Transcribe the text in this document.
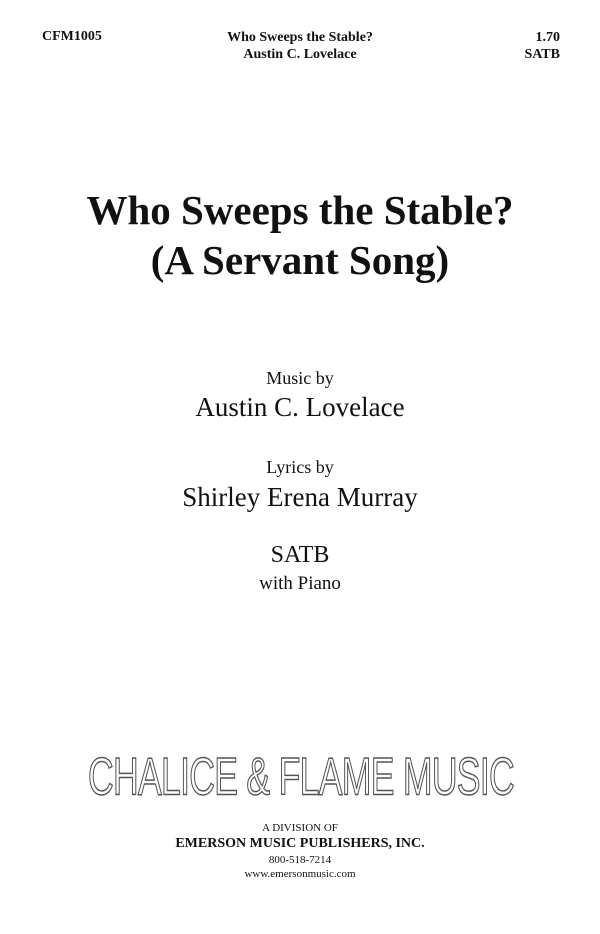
CFM1005	Who Sweeps the Stable?
Austin C. Lovelace
1.70
SATB
Who Sweeps the Stable?
(A Servant Song)
Music by
Austin C. Lovelace
Lyrics by
Shirley Erena Murray
SATB
with Piano
CHALICE & FLAME MUSIC
A DIVISION OF
EMERSON MUSIC PUBLISHERS, INC.
800-518-7214
www.emersonmusic.com
